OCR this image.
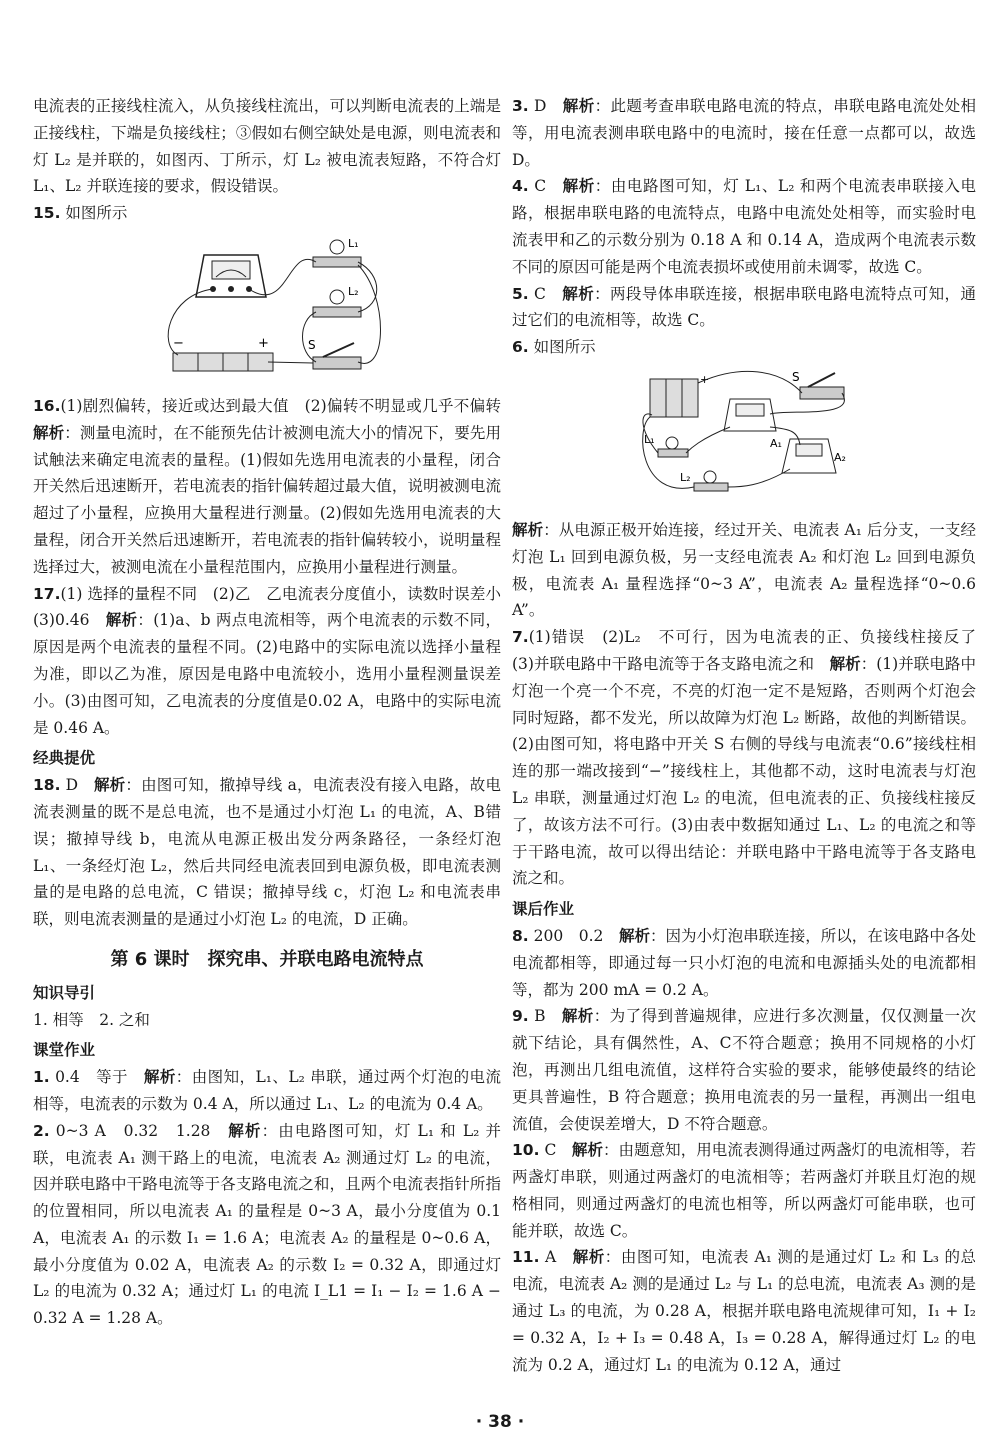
电流表的正接线柱流入，从负接线柱流出，可以判断电流表的上端是正接线柱，下端是负接线柱；③假如右侧空缺处是电源，则电流表和灯 L₂ 是并联的，如图丙、丁所示，灯 L₂ 被电流表短路，不符合灯 L₁、L₂ 并联连接的要求，假设错误。

15. 如图所示

L₁
L₂
S
−	+

16.(1)剧烈偏转，接近或达到最大值　(2)偏转不明显或几乎不偏转　解析：测量电流时，在不能预先估计被测电流大小的情况下，要先用试触法来确定电流表的量程。(1)假如先选用电流表的小量程，闭合开关然后迅速断开，若电流表的指针偏转超过最大值，说明被测电流超过了小量程，应换用大量程进行测量。(2)假如先选用电流表的大量程，闭合开关然后迅速断开，若电流表的指针偏转较小，说明量程选择过大，被测电流在小量程范围内，应换用小量程进行测量。

17.(1) 选择的量程不同　(2)乙　乙电流表分度值小，读数时误差小　(3)0.46　解析：(1)a、b 两点电流相等，两个电流表的示数不同，原因是两个电流表的量程不同。(2)电路中的实际电流以选择小量程为准，即以乙为准，原因是电路中电流较小，选用小量程测量误差小。(3)由图可知，乙电流表的分度值是0.02 A，电路中的实际电流是 0.46 A。

经典提优

18. D　解析：由图可知，撤掉导线 a，电流表没有接入电路，故电流表测量的既不是总电流，也不是通过小灯泡 L₁ 的电流，A、B错误；撤掉导线 b，电流从电源正极出发分两条路径，一条经灯泡 L₁、一条经灯泡 L₂，然后共同经电流表回到电源负极，即电流表测量的是电路的总电流，C 错误；撤掉导线 c，灯泡 L₂ 和电流表串联，则电流表测量的是通过小灯泡 L₂ 的电流，D 正确。

第 6 课时　探究串、并联电路电流特点

知识导引

1. 相等　2. 之和

课堂作业

1. 0.4　等于　解析：由图知，L₁、L₂ 串联，通过两个灯泡的电流相等，电流表的示数为 0.4 A，所以通过 L₁、L₂ 的电流为 0.4 A。

2. 0~3 A　0.32　1.28　解析：由电路图可知，灯 L₁ 和 L₂ 并联，电流表 A₁ 测干路上的电流，电流表 A₂ 测通过灯 L₂ 的电流，因并联电路中干路电流等于各支路电流之和，且两个电流表指针所指的位置相同，所以电流表 A₁ 的量程是 0~3 A，最小分度值为 0.1 A，电流表 A₁ 的示数 I₁ = 1.6 A；电流表 A₂ 的量程是 0~0.6 A，最小分度值为 0.02 A，电流表 A₂ 的示数 I₂ = 0.32 A，即通过灯 L₂ 的电流为 0.32 A；通过灯 L₁ 的电流 I_L1 = I₁ − I₂ = 1.6 A − 0.32 A = 1.28 A。

3. D　解析：此题考查串联电路电流的特点，串联电路电流处处相等，用电流表测串联电路中的电流时，接在任意一点都可以，故选 D。

4. C　解析：由电路图可知，灯 L₁、L₂ 和两个电流表串联接入电路，根据串联电路的电流特点，电路中电流处处相等，而实验时电流表甲和乙的示数分别为 0.18 A 和 0.14 A，造成两个电流表示数不同的原因可能是两个电流表损坏或使用前未调零，故选 C。

5. C　解析：两段导体串联连接，根据串联电路电流特点可知，通过它们的电流相等，故选 C。

6. 如图所示

+	S
A₁
A₂
L₁
L₂

解析：从电源正极开始连接，经过开关、电流表 A₁ 后分支，一支经灯泡 L₁ 回到电源负极，另一支经电流表 A₂ 和灯泡 L₂ 回到电源负极，电流表 A₁ 量程选择“0~3 A”，电流表 A₂ 量程选择“0~0.6 A”。

7.(1)错误　(2)L₂　不可行，因为电流表的正、负接线柱接反了　(3)并联电路中干路电流等于各支路电流之和　解析：(1)并联电路中灯泡一个亮一个不亮，不亮的灯泡一定不是短路，否则两个灯泡会同时短路，都不发光，所以故障为灯泡 L₂ 断路，故他的判断错误。(2)由图可知，将电路中开关 S 右侧的导线与电流表“0.6”接线柱相连的那一端改接到“−”接线柱上，其他都不动，这时电流表与灯泡 L₂ 串联，测量通过灯泡 L₂ 的电流，但电流表的正、负接线柱接反了，故该方法不可行。(3)由表中数据知通过 L₁、L₂ 的电流之和等于干路电流，故可以得出结论：并联电路中干路电流等于各支路电流之和。

课后作业

8. 200　0.2　解析：因为小灯泡串联连接，所以，在该电路中各处电流都相等，即通过每一只小灯泡的电流和电源插头处的电流都相等，都为 200 mA = 0.2 A。

9. B　解析：为了得到普遍规律，应进行多次测量，仅仅测量一次就下结论，具有偶然性，A、C不符合题意；换用不同规格的小灯泡，再测出几组电流值，这样符合实验的要求，能够使最终的结论更具普遍性，B 符合题意；换用电流表的另一量程，再测出一组电流值，会使误差增大，D 不符合题意。

10. C　解析：由题意知，用电流表测得通过两盏灯的电流相等，若两盏灯串联，则通过两盏灯的电流相等；若两盏灯并联且灯泡的规格相同，则通过两盏灯的电流也相等，所以两盏灯可能串联，也可能并联，故选 C。

11. A　解析：由图可知，电流表 A₁ 测的是通过灯 L₂ 和 L₃ 的总电流，电流表 A₂ 测的是通过 L₂ 与 L₁ 的总电流，电流表 A₃ 测的是通过 L₃ 的电流，为 0.28 A，根据并联电路电流规律可知，I₁ + I₂ = 0.32 A，I₂ + I₃ = 0.48 A，I₃ = 0.28 A，解得通过灯 L₂ 的电流为 0.2 A，通过灯 L₁ 的电流为 0.12 A，通过

· 38 ·
